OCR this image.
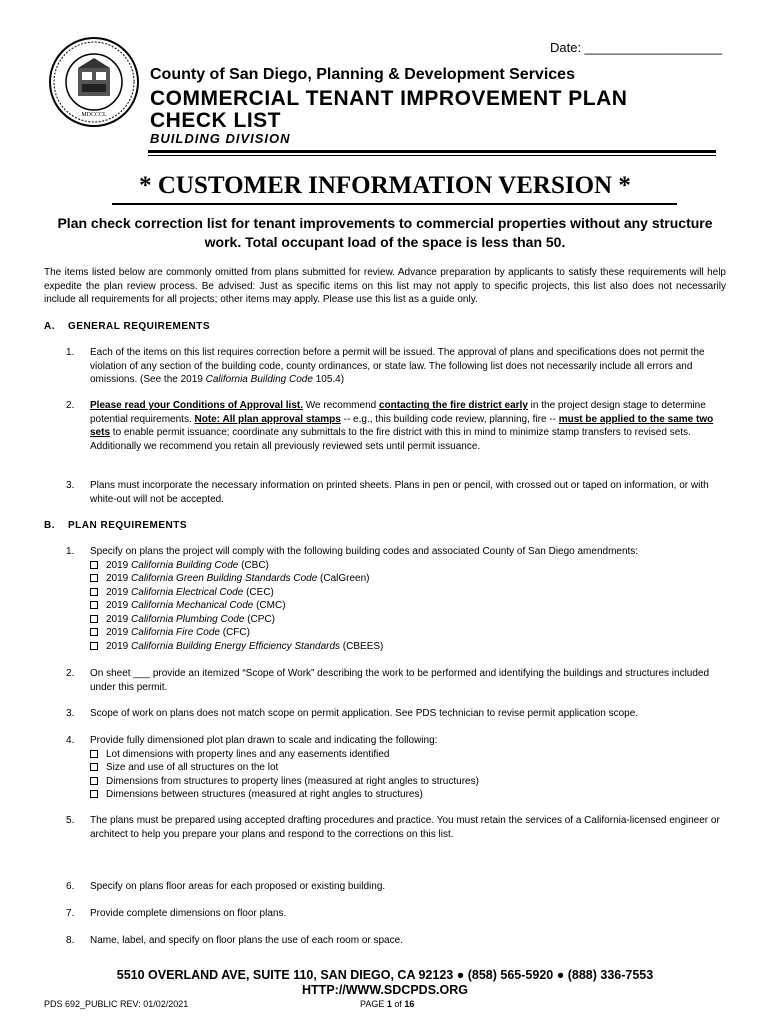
Date: ___________________
MDCCCL
County of San Diego, Planning & Development Services
COMMERCIAL TENANT IMPROVEMENT PLAN
CHECK LIST
BUILDING DIVISION
* CUSTOMER INFORMATION VERSION *
Plan check correction list for tenant improvements to commercial properties without any structure work. Total occupant load of the space is less than 50.
The items listed below are commonly omitted from plans submitted for review. Advance preparation by applicants to satisfy these requirements will help expedite the plan review process. Be advised: Just as specific items on this list may not apply to specific projects, this list also does not necessarily include all requirements for all projects; other items may apply. Please use this list as a guide only.
A. GENERAL REQUIREMENTS
1.	Each of the items on this list requires correction before a permit will be issued. The approval of plans and specifications does not permit the violation of any section of the building code, county ordinances, or state law. The following list does not necessarily include all errors and omissions. (See the 2019 California Building Code 105.4)
2.	Please read your Conditions of Approval list. We recommend contacting the fire district early in the project design stage to determine potential requirements. Note: All plan approval stamps -- e.g., this building code review, planning, fire -- must be applied to the same two sets to enable permit issuance; coordinate any submittals to the fire district with this in mind to minimize stamp transfers to revised sets. Additionally we recommend you retain all previously reviewed sets until permit issuance.
3.	Plans must incorporate the necessary information on printed sheets. Plans in pen or pencil, with crossed out or taped on information, or with white-out will not be accepted.
B. PLAN REQUIREMENTS
1.	Specify on plans the project will comply with the following building codes and associated County of San Diego amendments:
2019 California Building Code (CBC)
2019 California Green Building Standards Code (CalGreen)
2019 California Electrical Code (CEC)
2019 California Mechanical Code (CMC)
2019 California Plumbing Code (CPC)
2019 California Fire Code (CFC)
2019 California Building Energy Efficiency Standards (CBEES)
2.	On sheet ___ provide an itemized “Scope of Work” describing the work to be performed and identifying the buildings and structures included under this permit.
3.	Scope of work on plans does not match scope on permit application. See PDS technician to revise permit application scope.
4.	Provide fully dimensioned plot plan drawn to scale and indicating the following:
Lot dimensions with property lines and any easements identified
Size and use of all structures on the lot
Dimensions from structures to property lines (measured at right angles to structures)
Dimensions between structures (measured at right angles to structures)
5.	The plans must be prepared using accepted drafting procedures and practice. You must retain the services of a California-licensed engineer or architect to help you prepare your plans and respond to the corrections on this list.
6.	Specify on plans floor areas for each proposed or existing building.
7.	Provide complete dimensions on floor plans.
8.	Name, label, and specify on floor plans the use of each room or space.
5510 OVERLAND AVE, SUITE 110, SAN DIEGO, CA 92123 ● (858) 565-5920 ● (888) 336-7553
HTTP://WWW.SDCPDS.ORG
PDS 692_PUBLIC REV: 01/02/2021	PAGE 1 of 16
